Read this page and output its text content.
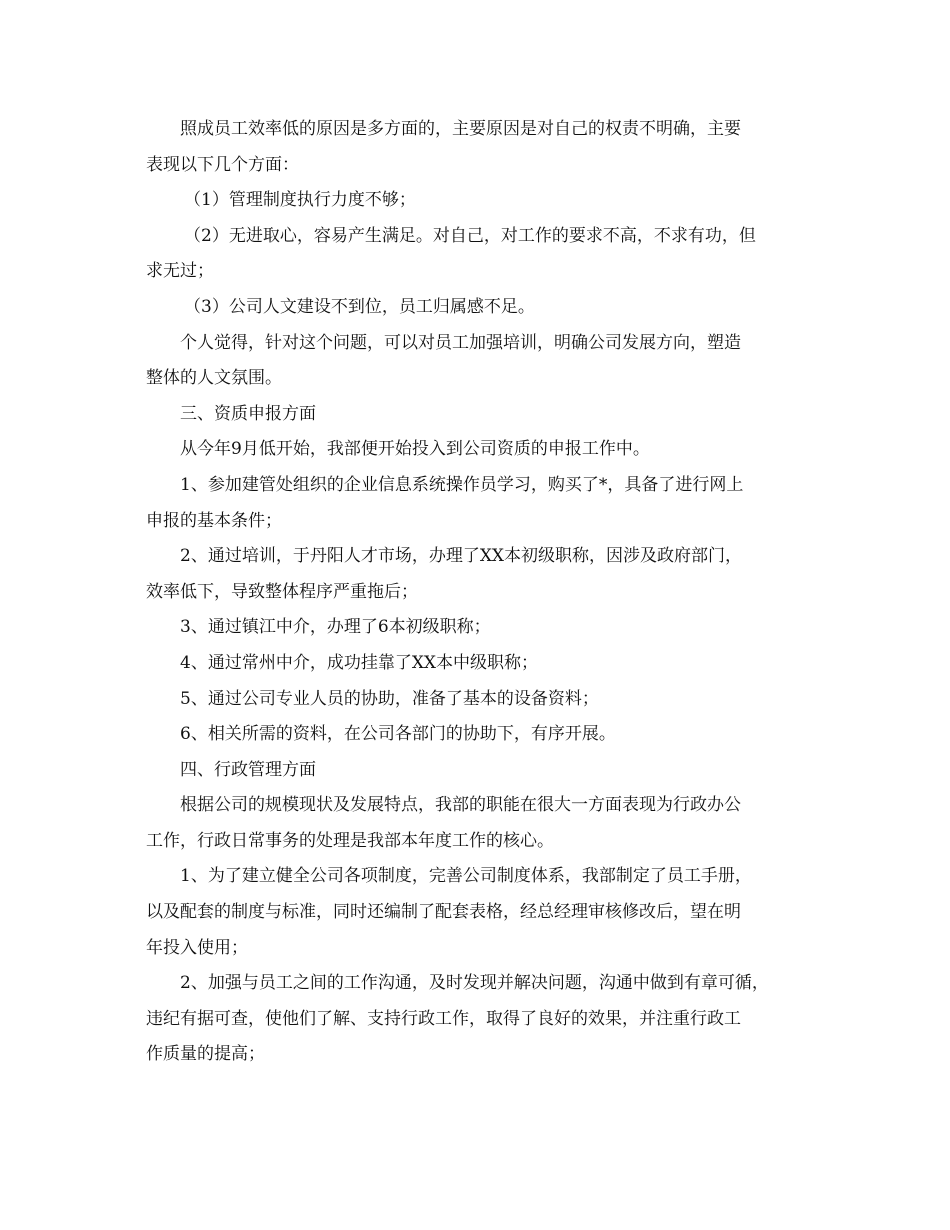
照成员工效率低的原因是多方面的，主要原因是对自己的权责不明确，主要

表现以下几个方面：

（1）管理制度执行力度不够；

（2）无进取心，容易产生满足。对自己，对工作的要求不高，不求有功，但

求无过；

（3）公司人文建设不到位，员工归属感不足。

个人觉得，针对这个问题，可以对员工加强培训，明确公司发展方向，塑造

整体的人文氛围。

三、资质申报方面

从今年9月低开始，我部便开始投入到公司资质的申报工作中。

1、参加建管处组织的企业信息系统操作员学习，购买了*，具备了进行网上

申报的基本条件；

2、通过培训，于丹阳人才市场，办理了XX本初级职称，因涉及政府部门，

效率低下，导致整体程序严重拖后；

3、通过镇江中介，办理了6本初级职称；

4、通过常州中介，成功挂靠了XX本中级职称；

5、通过公司专业人员的协助，准备了基本的设备资料；

6、相关所需的资料，在公司各部门的协助下，有序开展。

四、行政管理方面

根据公司的规模现状及发展特点，我部的职能在很大一方面表现为行政办公

工作，行政日常事务的处理是我部本年度工作的核心。

1、为了建立健全公司各项制度，完善公司制度体系，我部制定了员工手册，

以及配套的制度与标准，同时还编制了配套表格，经总经理审核修改后，望在明

年投入使用；

2、加强与员工之间的工作沟通，及时发现并解决问题，沟通中做到有章可循，

违纪有据可查，使他们了解、支持行政工作，取得了良好的效果，并注重行政工

作质量的提高；
